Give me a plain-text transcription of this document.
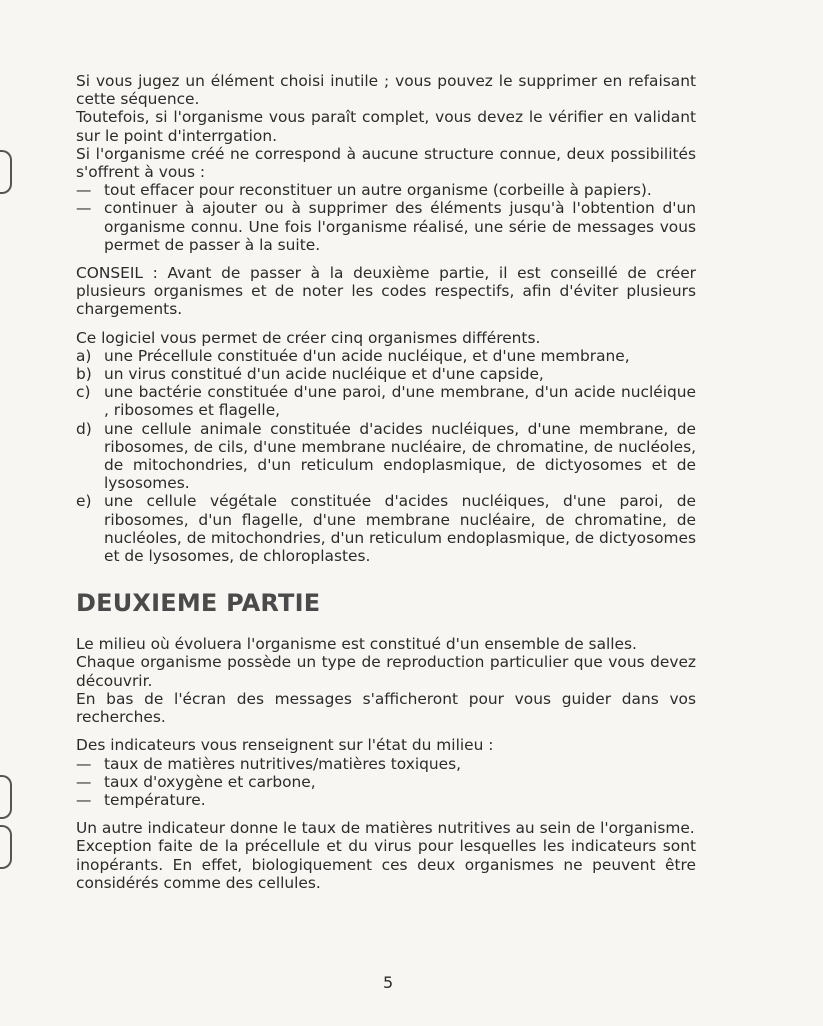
Si vous jugez un élément choisi inutile ; vous pouvez le supprimer en refaisant cette séquence.

Toutefois, si l'organisme vous paraît complet, vous devez le vérifier en validant sur le point d'interrgation.

Si l'organisme créé ne correspond à aucune structure connue, deux possibilités s'offrent à vous :

— tout effacer pour reconstituer un autre organisme (corbeille à papiers).
— continuer à ajouter ou à supprimer des éléments jusqu'à l'obtention d'un organisme connu. Une fois l'organisme réalisé, une série de messages vous permet de passer à la suite.

CONSEIL : Avant de passer à la deuxième partie, il est conseillé de créer plusieurs organismes et de noter les codes respectifs, afin d'éviter plusieurs chargements.

Ce logiciel vous permet de créer cinq organismes différents.

a) une Précellule constituée d'un acide nucléique, et d'une membrane,
b) un virus constitué d'un acide nucléique et d'une capside,
c) une bactérie constituée d'une paroi, d'une membrane, d'un acide nucléique , ribosomes et flagelle,
d) une cellule animale constituée d'acides nucléiques, d'une membrane, de ribosomes, de cils, d'une membrane nucléaire, de chromatine, de nucléoles, de mitochondries, d'un reticulum endoplasmique, de dictyosomes et de lysosomes.
e) une cellule végétale constituée d'acides nucléiques, d'une paroi, de ribosomes, d'un flagelle, d'une membrane nucléaire, de chromatine, de nucléoles, de mitochondries, d'un reticulum endoplasmique, de dictyosomes et de lysosomes, de chloroplastes.
DEUXIEME PARTIE

Le milieu où évoluera l'organisme est constitué d'un ensemble de salles.

Chaque organisme possède un type de reproduction particulier que vous devez découvrir.

En bas de l'écran des messages s'afficheront pour vous guider dans vos recherches.

Des indicateurs vous renseignent sur l'état du milieu :

— taux de matières nutritives/matières toxiques,
— taux d'oxygène et carbone,
— température.

Un autre indicateur donne le taux de matières nutritives au sein de l'organisme.

Exception faite de la précellule et du virus pour lesquelles les indicateurs sont inopérants. En effet, biologiquement ces deux organismes ne peuvent être considérés comme des cellules.

5
